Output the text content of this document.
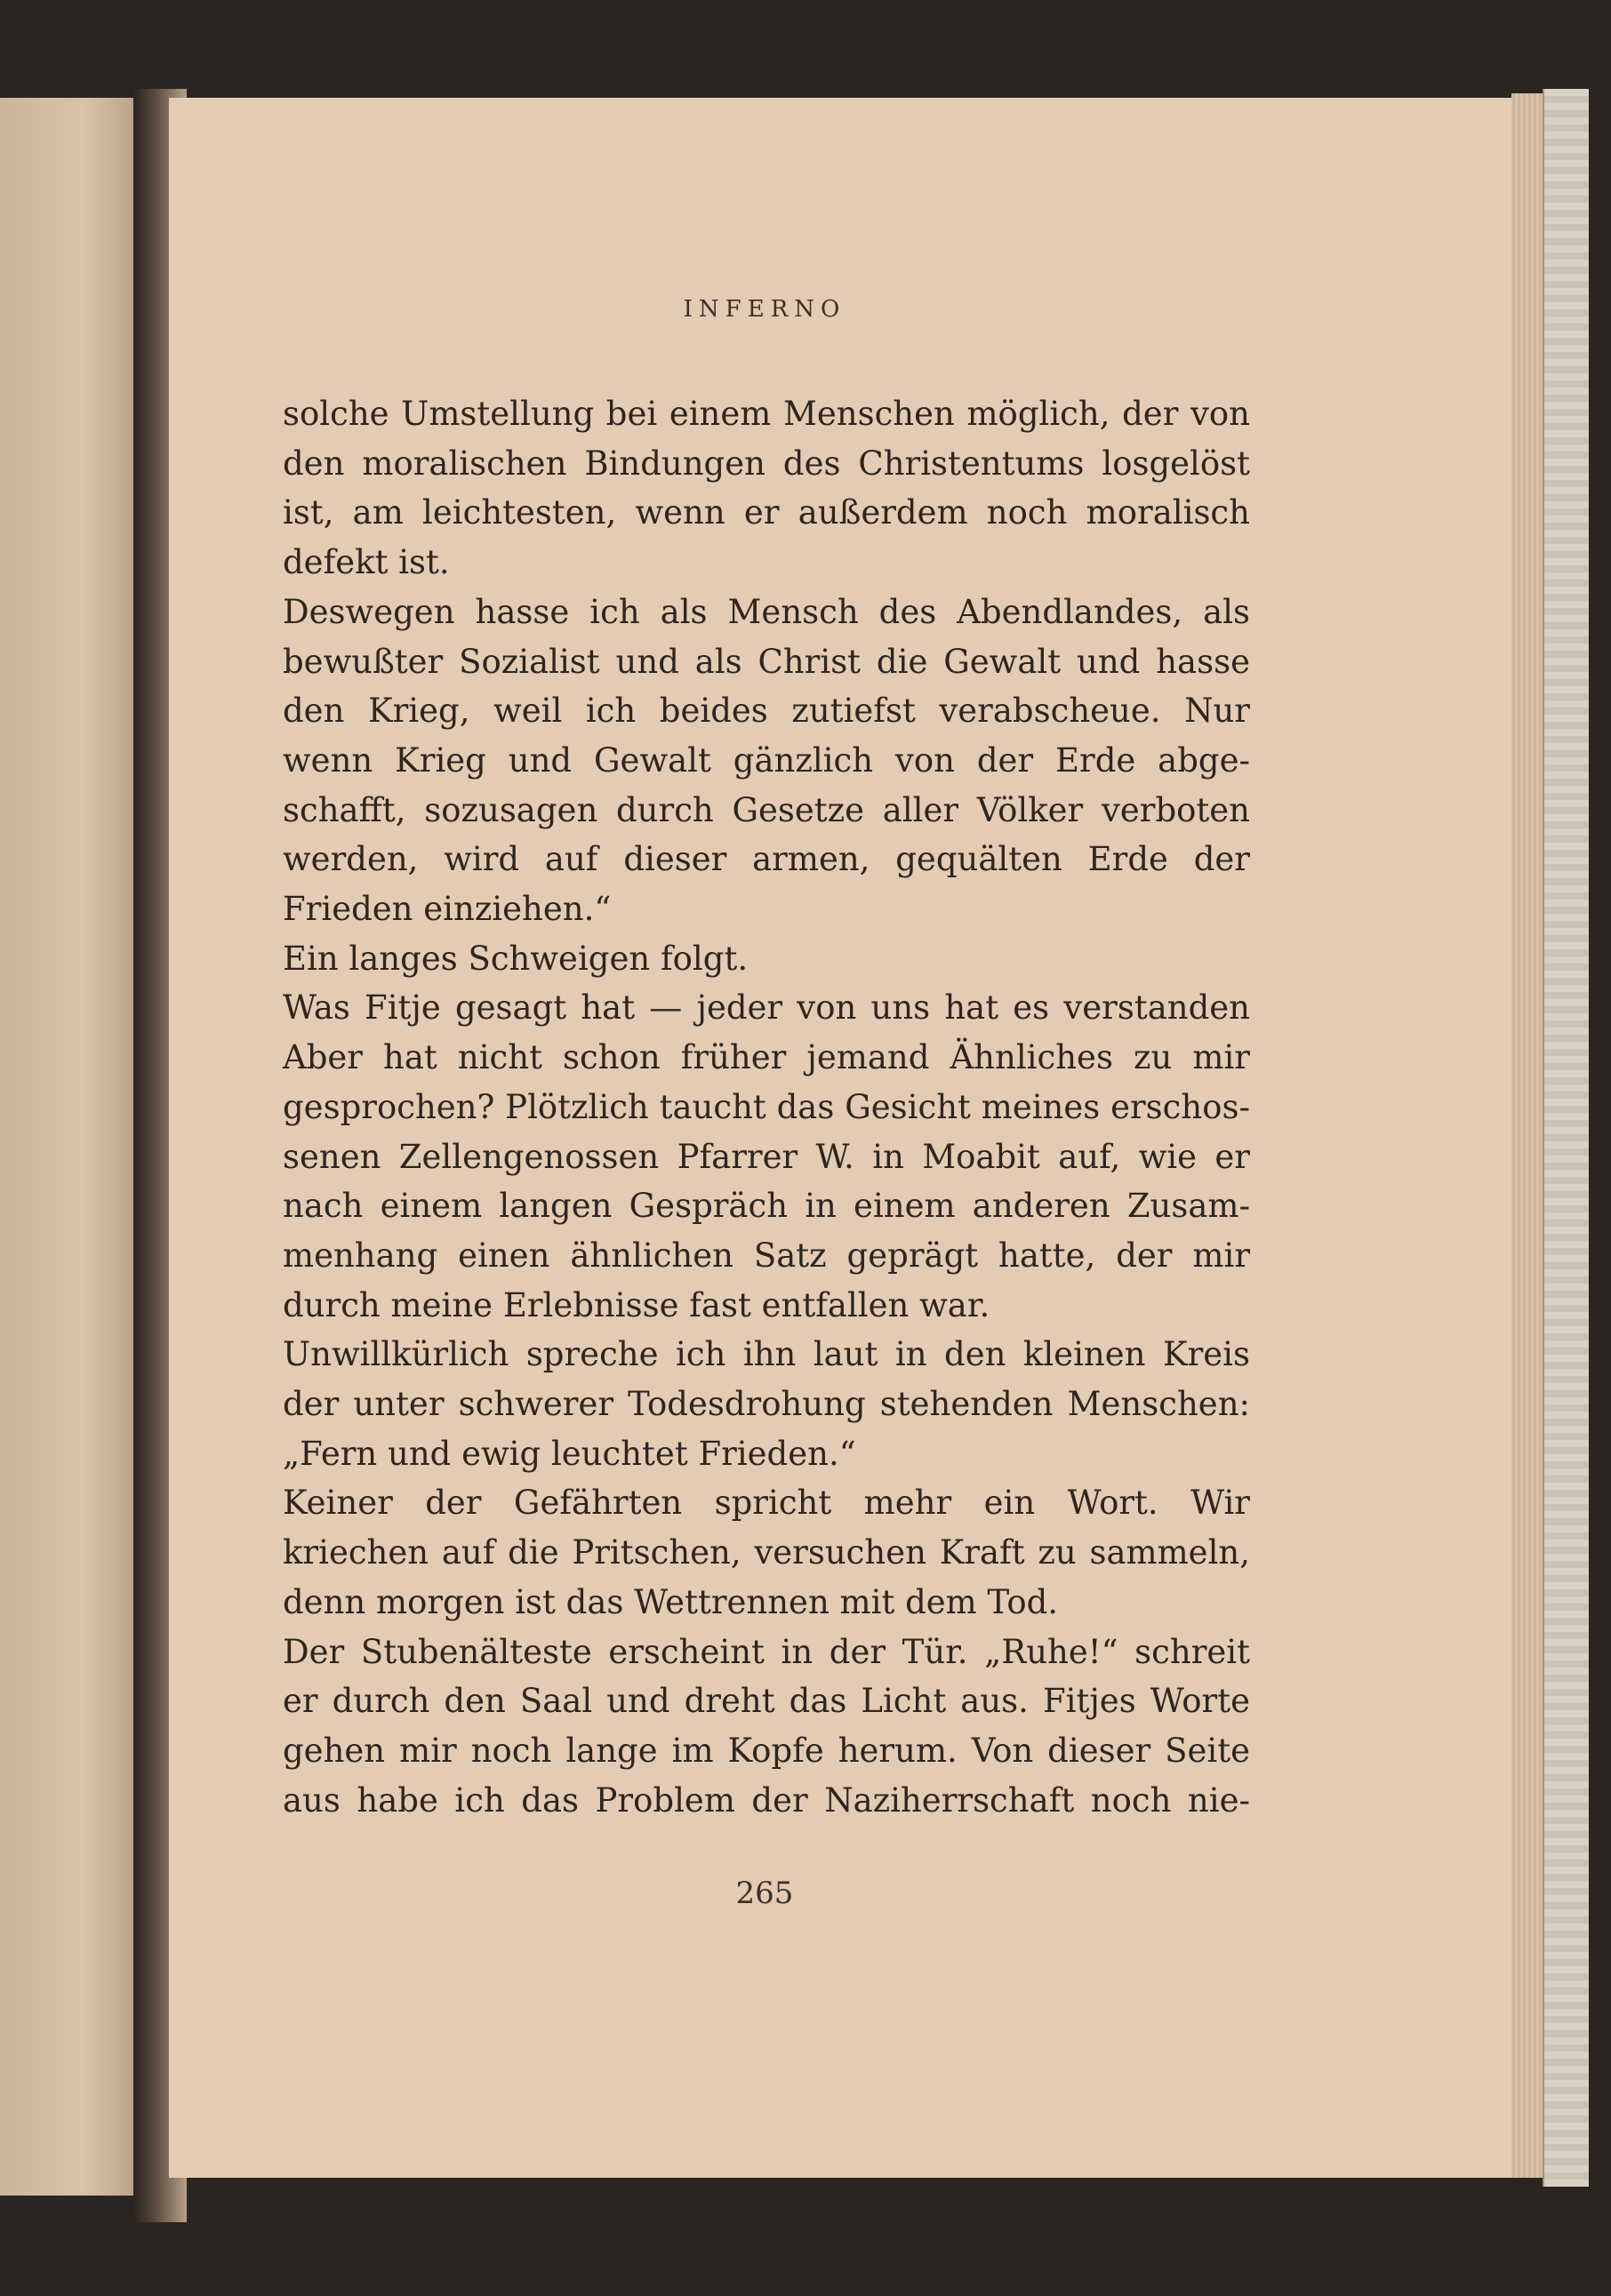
INFERNO
solche Umstellung bei einem Menschen möglich, der von
den moralischen Bindungen des Christentums losgelöst
ist, am leichtesten, wenn er außerdem noch moralisch
defekt ist.
Deswegen hasse ich als Mensch des Abendlandes, als
bewußter Sozialist und als Christ die Gewalt und hasse
den Krieg, weil ich beides zutiefst verabscheue. Nur
wenn Krieg und Gewalt gänzlich von der Erde abge-
schafft, sozusagen durch Gesetze aller Völker verboten
werden, wird auf dieser armen, gequälten Erde der
Frieden einziehen.“
Ein langes Schweigen folgt.
Was Fitje gesagt hat — jeder von uns hat es verstanden
Aber hat nicht schon früher jemand Ähnliches zu mir
gesprochen? Plötzlich taucht das Gesicht meines erschos-
senen Zellengenossen Pfarrer W. in Moabit auf, wie er
nach einem langen Gespräch in einem anderen Zusam-
menhang einen ähnlichen Satz geprägt hatte, der mir
durch meine Erlebnisse fast entfallen war.
Unwillkürlich spreche ich ihn laut in den kleinen Kreis
der unter schwerer Todesdrohung stehenden Menschen:
„Fern und ewig leuchtet Frieden.“
Keiner der Gefährten spricht mehr ein Wort. Wir
kriechen auf die Pritschen, versuchen Kraft zu sammeln,
denn morgen ist das Wettrennen mit dem Tod.
Der Stubenälteste erscheint in der Tür. „Ruhe!“ schreit
er durch den Saal und dreht das Licht aus. Fitjes Worte
gehen mir noch lange im Kopfe herum. Von dieser Seite
aus habe ich das Problem der Naziherrschaft noch nie-
265
